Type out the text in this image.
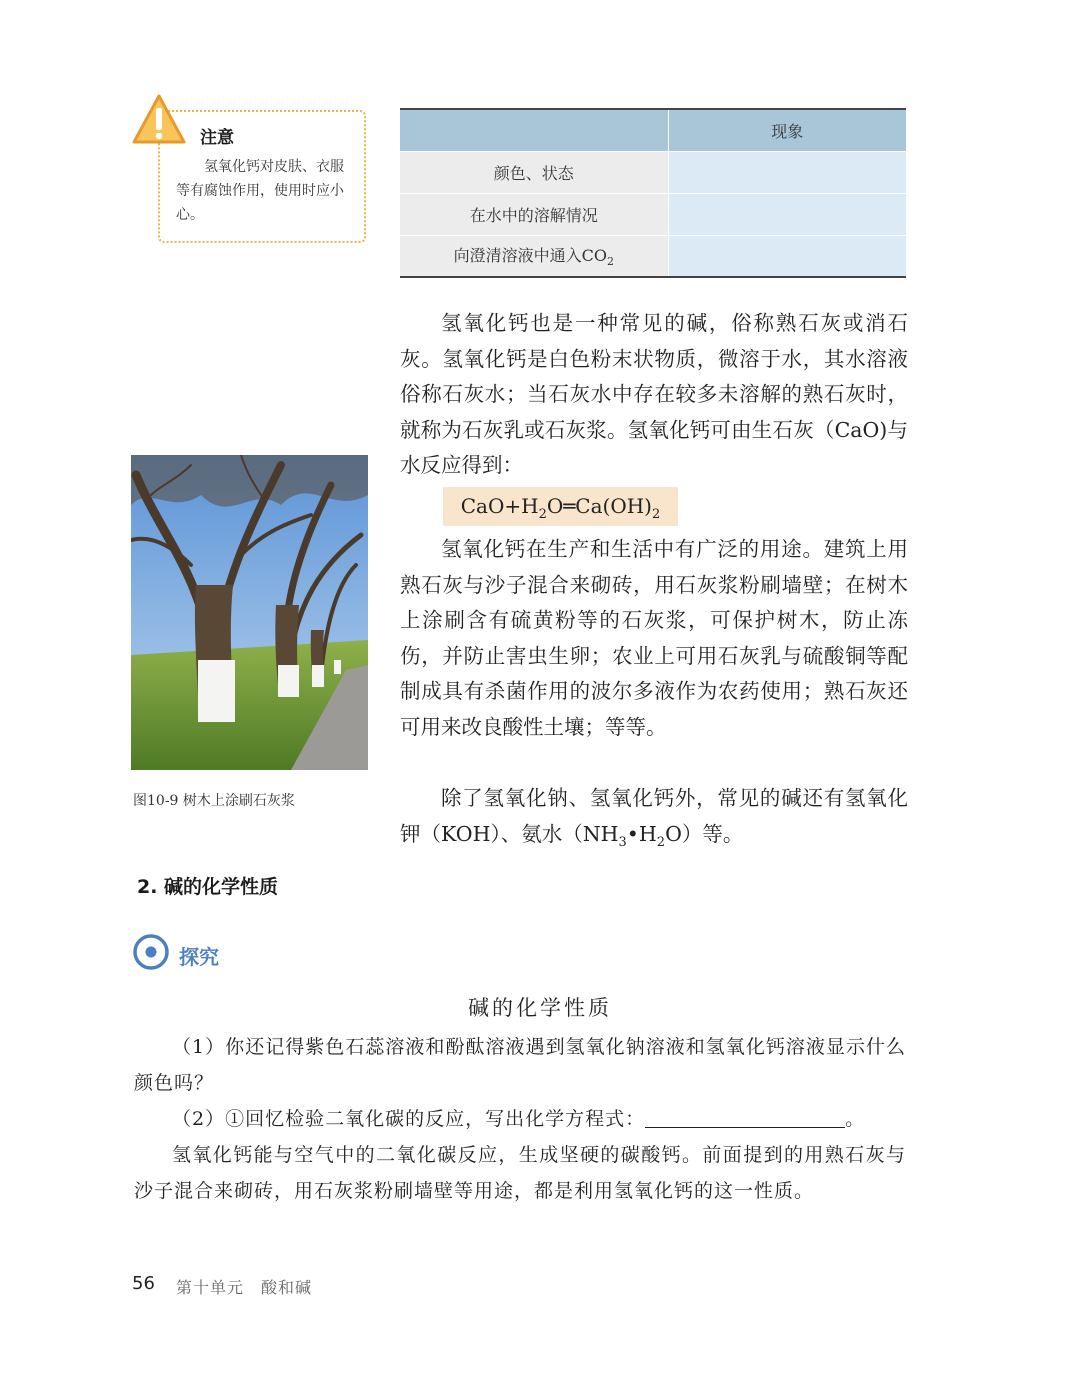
注意
氢氧化钙对皮肤、衣服等有腐蚀作用，使用时应小心。
	现象
颜色、状态	
在水中的溶解情况	
向澄清溶液中通入$CO_2$	
氢氧化钙也是一种常见的碱，俗称熟石灰或消石灰。氢氧化钙是白色粉末状物质，微溶于水，其水溶液俗称石灰水；当石灰水中存在较多未溶解的熟石灰时，就称为石灰乳或石灰浆。氢氧化钙可由生石灰（CaO)与水反应得到：
$CaO+H_2O═Ca(OH)_2$
氢氧化钙在生产和生活中有广泛的用途。建筑上用熟石灰与沙子混合来砌砖，用石灰浆粉刷墙壁；在树木上涂刷含有硫黄粉等的石灰浆，可保护树木，防止冻伤，并防止害虫生卵；农业上可用石灰乳与硫酸铜等配制成具有杀菌作用的波尔多液作为农药使用；熟石灰还可用来改良酸性土壤；等等。
除了氢氧化钠、氢氧化钙外，常见的碱还有氢氧化钾（KOH）、氨水$(NH_3•H_2O)$等。
图10-9 树木上涂刷石灰浆
2. 碱的化学性质
探究
碱的化学性质
（1）你还记得紫色石蕊溶液和酚酞溶液遇到氢氧化钠溶液和氢氧化钙溶液显示什么颜色吗？
（2）①回忆检验二氧化碳的反应，写出化学方程式：	。
氢氧化钙能与空气中的二氧化碳反应，生成坚硬的碳酸钙。前面提到的用熟石灰与沙子混合来砌砖，用石灰浆粉刷墙壁等用途，都是利用氢氧化钙的这一性质。
56 第十单元 酸和碱
